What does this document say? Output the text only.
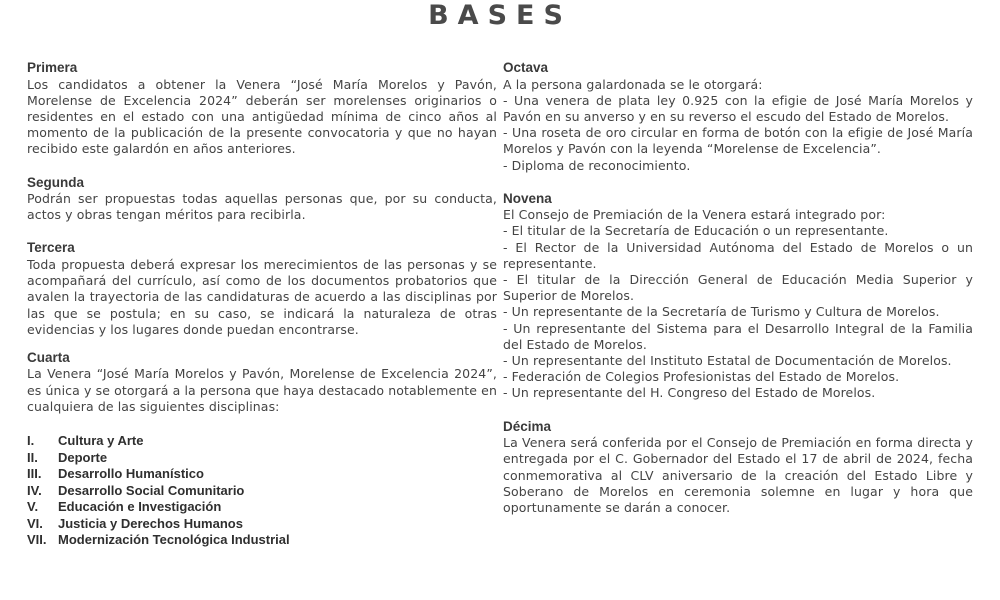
BASES
Primera
Los candidatos a obtener la Venera “José María Morelos y Pavón, Morelense de Excelencia 2024” deberán ser morelenses originarios o residentes en el estado con una antigüedad mínima de cinco años al momento de la publicación de la presente convocatoria y que no hayan recibido este galardón en años anteriores.
Segunda
Podrán ser propuestas todas aquellas personas que, por su conducta, actos y obras tengan méritos para recibirla.
Tercera
Toda propuesta deberá expresar los merecimientos de las personas y se acompañará del currículo, así como de los documentos probatorios que avalen la trayectoria de las candidaturas de acuerdo a las disciplinas por las que se postula; en su caso, se indicará la naturaleza de otras evidencias y los lugares donde puedan encontrarse.
Cuarta
La Venera “José María Morelos y Pavón, Morelense de Excelencia 2024”, es única y se otorgará a la persona que haya destacado notablemente en cualquiera de las siguientes disciplinas:
I. Cultura y Arte
II. Deporte
III. Desarrollo Humanístico
IV. Desarrollo Social Comunitario
V. Educación e Investigación
VI. Justicia y Derechos Humanos
VII. Modernización Tecnológica Industrial
Octava
A la persona galardonada se le otorgará:
- Una venera de plata ley 0.925 con la efigie de José María Morelos y Pavón en su anverso y en su reverso el escudo del Estado de Morelos.
- Una roseta de oro circular en forma de botón con la efigie de José María Morelos y Pavón con la leyenda “Morelense de Excelencia”.
- Diploma de reconocimiento.
Novena
El Consejo de Premiación de la Venera estará integrado por:
- El titular de la Secretaría de Educación o un representante.
- El Rector de la Universidad Autónoma del Estado de Morelos o un representante.
- El titular de la Dirección General de Educación Media Superior y Superior de Morelos.
- Un representante de la Secretaría de Turismo y Cultura de Morelos.
- Un representante del Sistema para el Desarrollo Integral de la Familia del Estado de Morelos.
- Un representante del Instituto Estatal de Documentación de Morelos.
- Federación de Colegios Profesionistas del Estado de Morelos.
- Un representante del H. Congreso del Estado de Morelos.
Décima
La Venera será conferida por el Consejo de Premiación en forma directa y entregada por el C. Gobernador del Estado el 17 de abril de 2024, fecha conmemorativa al CLV aniversario de la creación del Estado Libre y Soberano de Morelos en ceremonia solemne en lugar y hora que oportunamente se darán a conocer.
